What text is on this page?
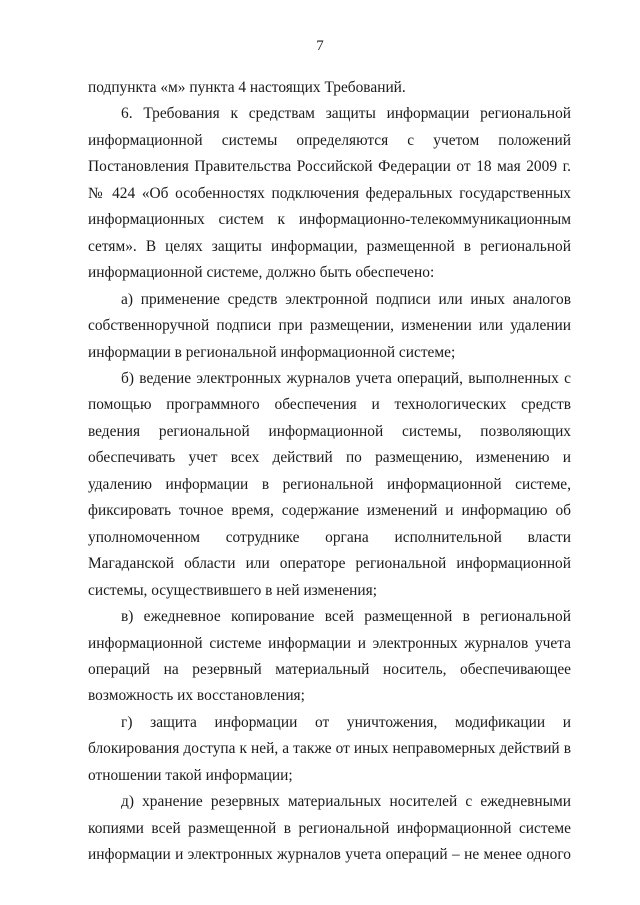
7

подпункта «м» пункта 4 настоящих Требований.

6. Требования к средствам защиты информации региональной информационной системы определяются с учетом положений Постановления Правительства Российской Федерации от 18 мая 2009 г. № 424 «Об особенностях подключения федеральных государственных информационных систем к информационно-телекоммуникационным сетям». В целях защиты информации, размещенной в региональной информационной системе, должно быть обеспечено:

а) применение средств электронной подписи или иных аналогов собственноручной подписи при размещении, изменении или удалении информации в региональной информационной системе;

б) ведение электронных журналов учета операций, выполненных с помощью программного обеспечения и технологических средств ведения региональной информационной системы, позволяющих обеспечивать учет всех действий по размещению, изменению и удалению информации в региональной информационной системе, фиксировать точное время, содержание изменений и информацию об уполномоченном сотруднике органа исполнительной власти Магаданской области или операторе региональной информационной системы, осуществившего в ней изменения;

в) ежедневное копирование всей размещенной в региональной информационной системе информации и электронных журналов учета операций на резервный материальный носитель, обеспечивающее возможность их восстановления;

г) защита информации от уничтожения, модификации и блокирования доступа к ней, а также от иных неправомерных действий в отношении такой информации;

д) хранение резервных материальных носителей с ежедневными копиями всей размещенной в региональной информационной системе информации и электронных журналов учета операций – не менее одного
